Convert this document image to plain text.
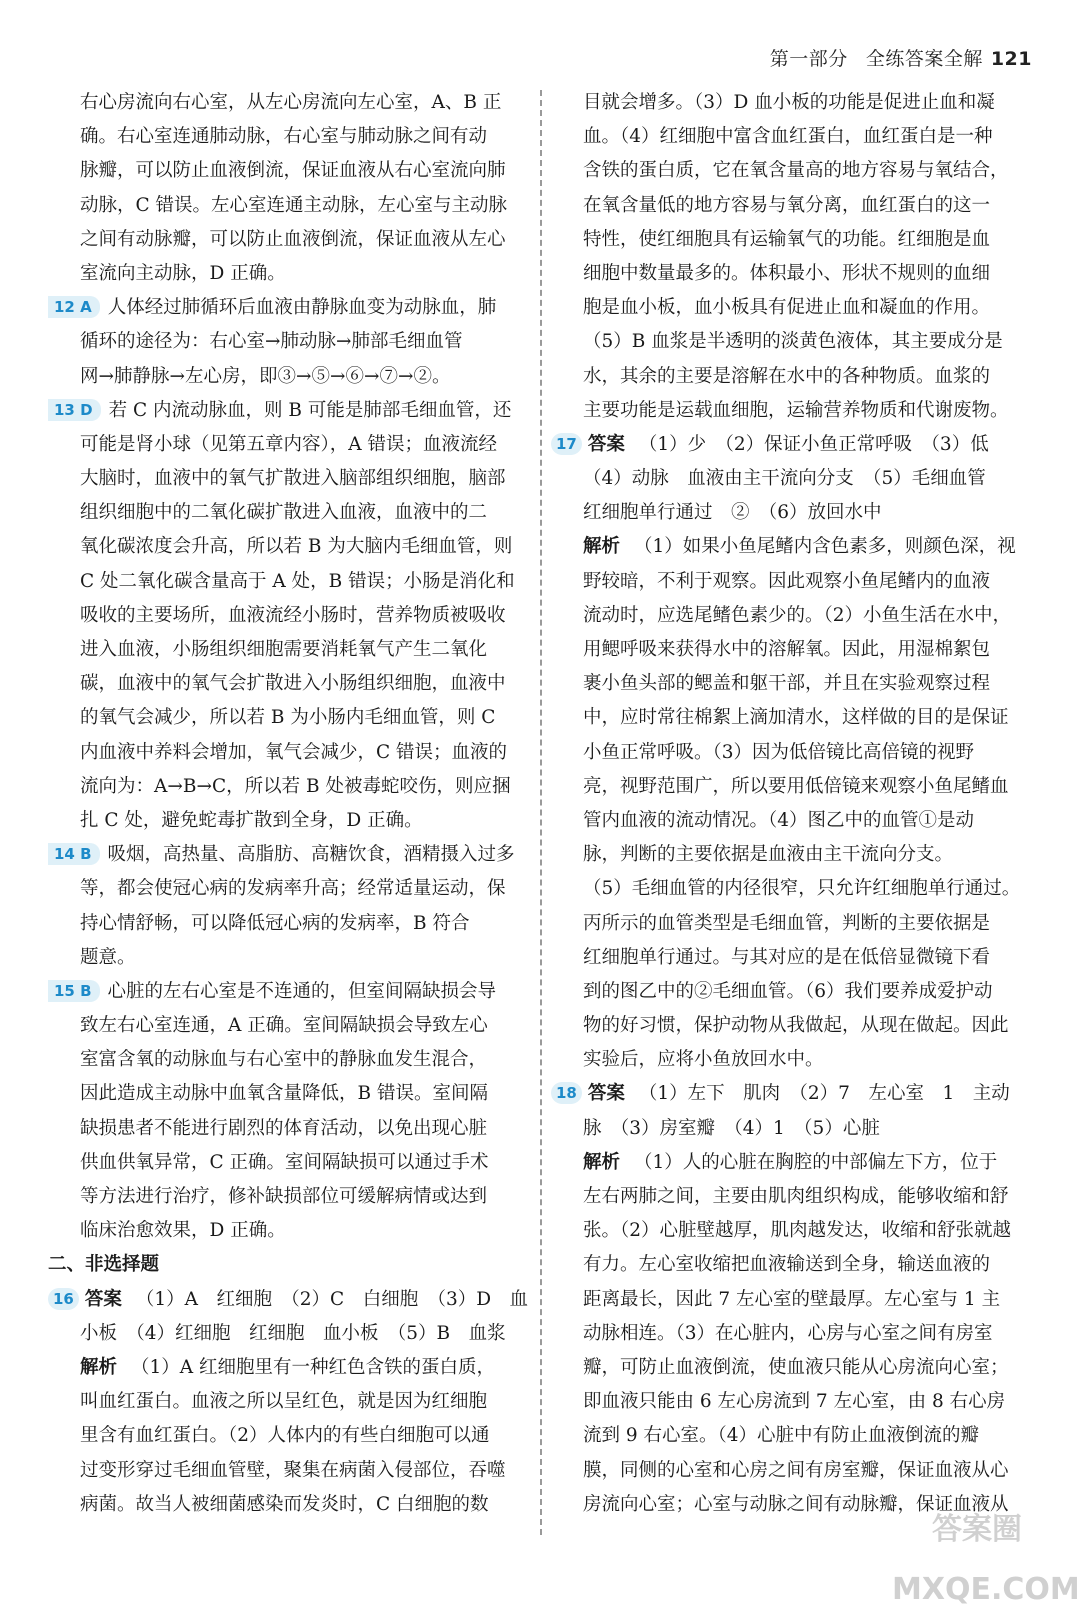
第一部分 全练答案全解 121
右心房流向右心室，从左心房流向左心室，A、B 正
确。右心室连通肺动脉，右心室与肺动脉之间有动
脉瓣，可以防止血液倒流，保证血液从右心室流向肺
动脉，C 错误。左心室连通主动脉，左心室与主动脉
之间有动脉瓣，可以防止血液倒流，保证血液从左心
室流向主动脉，D 正确。
12 A 人体经过肺循环后血液由静脉血变为动脉血，肺
循环的途径为：右心室→肺动脉→肺部毛细血管
网→肺静脉→左心房，即③→⑤→⑥→⑦→②。
13 D 若 C 内流动脉血，则 B 可能是肺部毛细血管，还
可能是肾小球（见第五章内容），A 错误；血液流经
大脑时，血液中的氧气扩散进入脑部组织细胞，脑部
组织细胞中的二氧化碳扩散进入血液，血液中的二
氧化碳浓度会升高，所以若 B 为大脑内毛细血管，则
C 处二氧化碳含量高于 A 处，B 错误；小肠是消化和
吸收的主要场所，血液流经小肠时，营养物质被吸收
进入血液，小肠组织细胞需要消耗氧气产生二氧化
碳，血液中的氧气会扩散进入小肠组织细胞，血液中
的氧气会减少，所以若 B 为小肠内毛细血管，则 C
内血液中养料会增加，氧气会减少，C 错误；血液的
流向为：A→B→C，所以若 B 处被毒蛇咬伤，则应捆
扎 C 处，避免蛇毒扩散到全身，D 正确。
14 B 吸烟，高热量、高脂肪、高糖饮食，酒精摄入过多
等，都会使冠心病的发病率升高；经常适量运动，保
持心情舒畅，可以降低冠心病的发病率，B 符合
题意。
15 B 心脏的左右心室是不连通的，但室间隔缺损会导
致左右心室连通，A 正确。室间隔缺损会导致左心
室富含氧的动脉血与右心室中的静脉血发生混合，
因此造成主动脉中血氧含量降低，B 错误。室间隔
缺损患者不能进行剧烈的体育活动，以免出现心脏
供血供氧异常，C 正确。室间隔缺损可以通过手术
等方法进行治疗，修补缺损部位可缓解病情或达到
临床治愈效果，D 正确。
二、非选择题
16 答案 （1）A　红细胞　（2）C　白细胞　（3）D　血
小板　（4）红细胞　红细胞　血小板　（5）B　血浆
解析 （1）A 红细胞里有一种红色含铁的蛋白质，
叫血红蛋白。血液之所以呈红色，就是因为红细胞
里含有血红蛋白。（2）人体内的有些白细胞可以通
过变形穿过毛细血管壁，聚集在病菌入侵部位，吞噬
病菌。故当人被细菌感染而发炎时，C 白细胞的数
目就会增多。（3）D 血小板的功能是促进止血和凝
血。（4）红细胞中富含血红蛋白，血红蛋白是一种
含铁的蛋白质，它在氧含量高的地方容易与氧结合，
在氧含量低的地方容易与氧分离，血红蛋白的这一
特性，使红细胞具有运输氧气的功能。红细胞是血
细胞中数量最多的。体积最小、形状不规则的血细
胞是血小板，血小板具有促进止血和凝血的作用。
（5）B 血浆是半透明的淡黄色液体，其主要成分是
水，其余的主要是溶解在水中的各种物质。血浆的
主要功能是运载血细胞，运输营养物质和代谢废物。
17 答案 （1）少　（2）保证小鱼正常呼吸　（3）低
（4）动脉　血液由主干流向分支　（5）毛细血管
红细胞单行通过　②　（6）放回水中
解析 （1）如果小鱼尾鳍内含色素多，则颜色深，视
野较暗，不利于观察。因此观察小鱼尾鳍内的血液
流动时，应选尾鳍色素少的。（2）小鱼生活在水中，
用鳃呼吸来获得水中的溶解氧。因此，用湿棉絮包
裹小鱼头部的鳃盖和躯干部，并且在实验观察过程
中，应时常往棉絮上滴加清水，这样做的目的是保证
小鱼正常呼吸。（3）因为低倍镜比高倍镜的视野
亮，视野范围广，所以要用低倍镜来观察小鱼尾鳍血
管内血液的流动情况。（4）图乙中的血管①是动
脉，判断的主要依据是血液由主干流向分支。
（5）毛细血管的内径很窄，只允许红细胞单行通过。
丙所示的血管类型是毛细血管，判断的主要依据是
红细胞单行通过。与其对应的是在低倍显微镜下看
到的图乙中的②毛细血管。（6）我们要养成爱护动
物的好习惯，保护动物从我做起，从现在做起。因此
实验后，应将小鱼放回水中。
18 答案 （1）左下　肌肉　（2）7　左心室　1　主动
脉　（3）房室瓣　（4）1　（5）心脏
解析 （1）人的心脏在胸腔的中部偏左下方，位于
左右两肺之间，主要由肌肉组织构成，能够收缩和舒
张。（2）心脏壁越厚，肌肉越发达，收缩和舒张就越
有力。左心室收缩把血液输送到全身，输送血液的
距离最长，因此 7 左心室的壁最厚。左心室与 1 主
动脉相连。（3）在心脏内，心房与心室之间有房室
瓣，可防止血液倒流，使血液只能从心房流向心室；
即血液只能由 6 左心房流到 7 左心室，由 8 右心房
流到 9 右心室。（4）心脏中有防止血液倒流的瓣
膜，同侧的心室和心房之间有房室瓣，保证血液从心
房流向心室；心室与动脉之间有动脉瓣，保证血液从
答案圈 MXQE.COM
